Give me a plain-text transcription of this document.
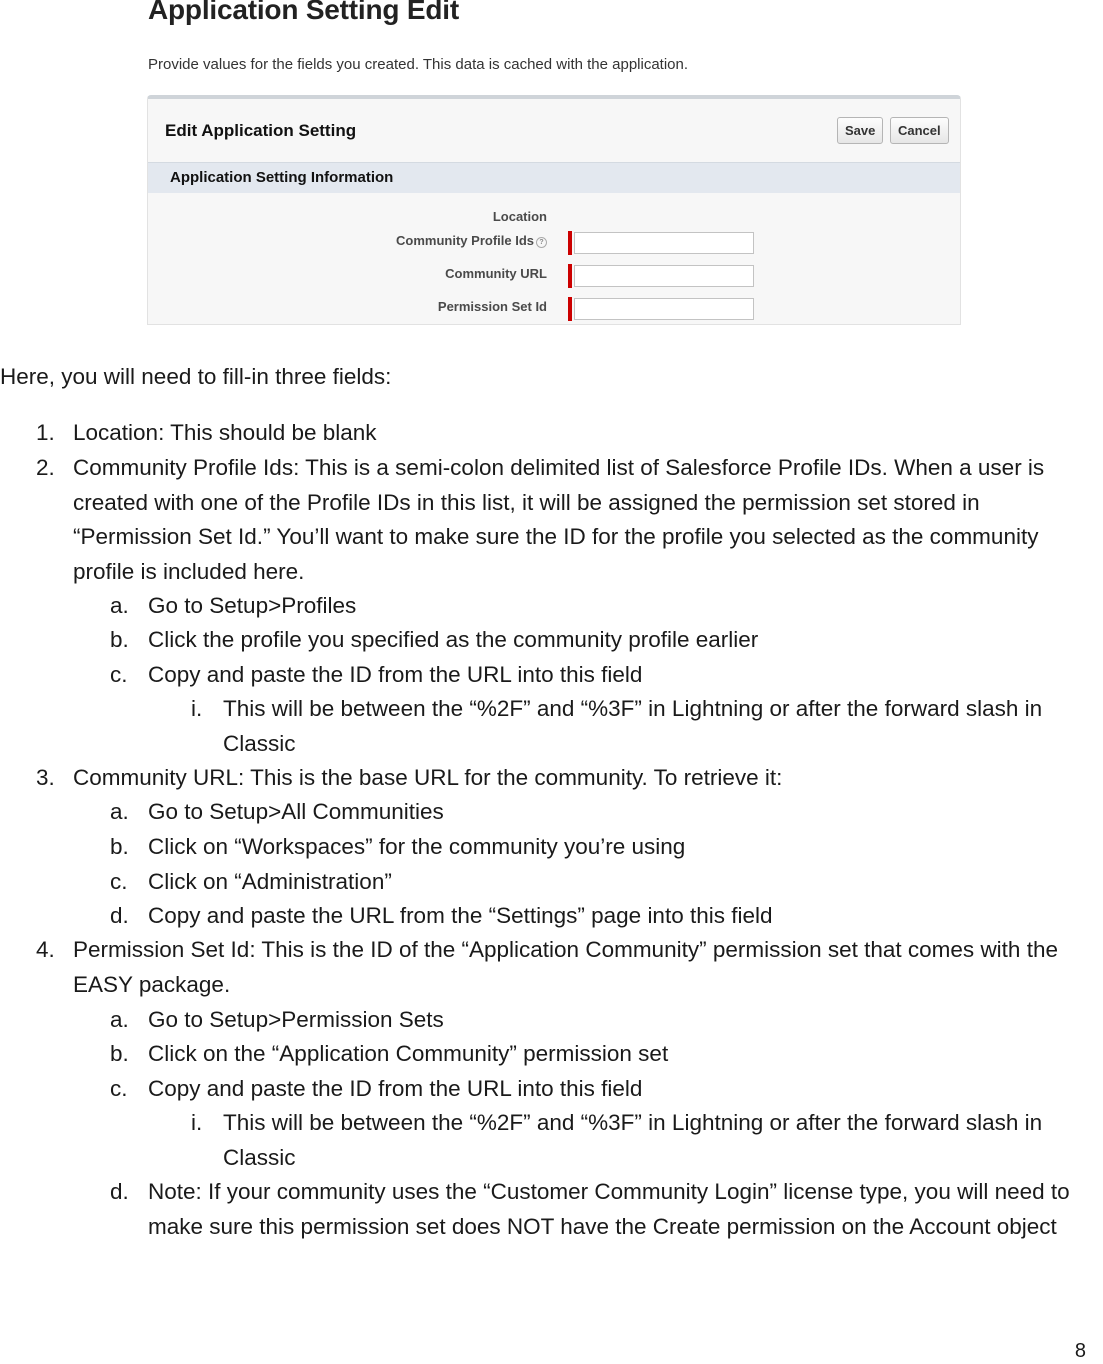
Application Setting Edit
Provide values for the fields you created. This data is cached with the application.
Edit Application Setting	Save	Cancel
Application Setting Information
Location
Community Profile Ids ?
Community URL
Permission Set Id
Here, you will need to fill-in three fields:
1. Location: This should be blank
2. Community Profile Ids: This is a semi-colon delimited list of Salesforce Profile IDs. When a user is created with one of the Profile IDs in this list, it will be assigned the permission set stored in “Permission Set Id.” You’ll want to make sure the ID for the profile you selected as the community profile is included here.
a. Go to Setup>Profiles
b. Click the profile you specified as the community profile earlier
c. Copy and paste the ID from the URL into this field
i. This will be between the “%2F” and “%3F” in Lightning or after the forward slash in Classic
3. Community URL: This is the base URL for the community. To retrieve it:
a. Go to Setup>All Communities
b. Click on “Workspaces” for the community you’re using
c. Click on “Administration”
d. Copy and paste the URL from the “Settings” page into this field
4. Permission Set Id: This is the ID of the “Application Community” permission set that comes with the EASY package.
a. Go to Setup>Permission Sets
b. Click on the “Application Community” permission set
c. Copy and paste the ID from the URL into this field
i. This will be between the “%2F” and “%3F” in Lightning or after the forward slash in Classic
d. Note: If your community uses the “Customer Community Login” license type, you will need to make sure this permission set does NOT have the Create permission on the Account object
8
